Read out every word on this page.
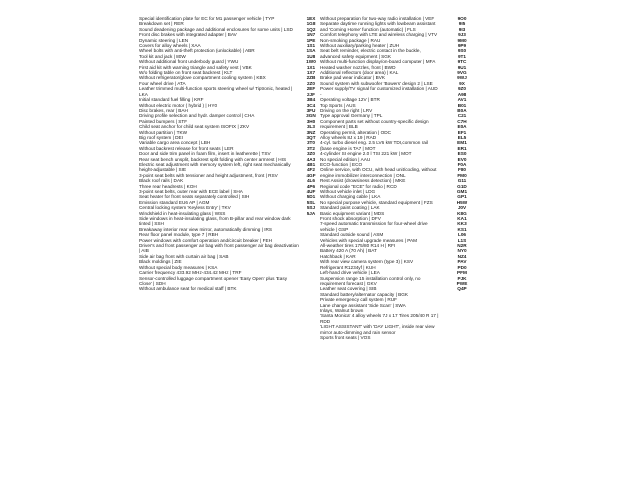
Special identification plate for EC for M1 passenger vehicle | TYP
Breakdown set | RER
Sound deadening package and additional enclosures for some units | LSD
Front disc brakes with integrated adapter | BAV
Dynamic steering | LEN
Covers for alloy wheels | XAA
Wheel bolts with anti-theft protection (unlockable) | ABR
Tool kit and jack | 80W
Without additional front underbody guard | YWU
First aid kit with warning triangle and safety vest | VBK
W/o folding table on front seat backrest | KLT
Without refrigerator/glove compartment cooling system | KBX
Four wheel drive | ATA
Leather trimmed multi-function sports steering wheel w/ Tiptronic, heated | LKA
Initial standard fuel filling | KRF
Without electric motor ( hybrid ) | HY0
Disc brakes, rear | BAH
Driving profile selection and hydr. damper control | CHA
Painted bumpers | STF
Child seat anchor for child seat system ISOFIX | ZKV
Without partition | TKW
Big roof system | DEI
Variable cargo area concept | LBH
Without backrest release for front seats | LER
Door and side trim panel in foam film, insert in leatherette | TSV
Rear seat bench unsplit, backrest split folding with center armrest | HIS
Electric seat adjustment with memory system left, right seat mechanically height-adjustable | SIE
3-point seat belts with tensioner and height adjustment, front | RSV
Black roof rails | DAK
Three rear headrests | KOH
3-point seat belts, outer rear with ECE label | SHA
Seat heater for front seats separately controlled | SIH
Emission standard EU6 AP | AGM
Central locking system 'Keyless Entry' | TKV
Windshield in heat-insulating glass | WSS
Side windows in heat-insulating glass, from B-pillar and rear window dark tinted | SSH
Breakaway interior rear view mirror, automatically dimming | IRS
Rear floor panel module, type 7 | RBH
Power windows with comfort operation and/circuit breaker | FEH
Driver's and front passenger air bag with front passenger air bag deactivation | AIB
Side air bag front with curtain air bag | SAB
Black moldings | ZIE
Without special body measures | KSA
Carrier frequency 433.92 MHz-434.42 MHz | TRF
Sensor-controlled luggage compartment opener 'Easy Open' plus 'Easy Close' | SDH
Without ambulance seat for medical staff | BTK
1EX
1G8
1Q2
1N7
1PE
1S1
1SA
1U8
1W0
1X1
1X7
2ZB
2Z0
2EF
2JF
3B4
3C4
3FU
3GN
3H0
3L3
3NZ
3QT
3T0
3T2
3Z0
4A3
4B1
4F2
4GF
4L6
4P6
4UF
5D1
5SL
5SJ
5JA
Without preparation for two-way radio installation | VEF
Separate daytime running lights with lowbeam assistant and 'Coming Home' function (automatic) | FLS
Comfort telephony with LTE and wireless charging | VTV
Non-smoking package | RAU
Without auxiliary/parking heater | ZUH
Seat belt reminder, electric contact in the buckle, advanced safety equipment | SGK
Without multi-function display/on-board computer | MFA
Heated washer nozzles, front | BWD
Additional reflectors (door area) | KAL
Brake pad wear indicator | BVK
Sound system with subwoofer 'Bowers' design 2 | LSE
Power supply/TV signal for customized installation | AUD
-
Operating voltage 12V | BTR
Top Sports | AUS
Driving on the right | LRV
Type approval Germany | TPL
Component parts set without country-specific design requirement | BLB
Operating permit, alteration | ODC
Alloy wheels 8J x 19 | RAD
4-cyl. turbo diesel eng. 2.5 LV6 kW TDI,common rail (base engine is TA7 | MOT
4-cylinder SI engine 2.0 l TSI 221 kW | MOT
No special edition | AAU
ECO-function | ECO
Online service, with OCU, with head unit/coding, without engine immobilizer interconnection | ONL
Rest Assist (drowsiness detection) | MKE
Regional code "ECE" for radio | RCD
Without vehicle inlet | LDG
Without charging cable | LKA
No special purpose vehicle, standard equipment | FZS
Standard paint coating | LAK
Basic equipment variant | MDS
Front shock absorption | DFV
7-speed automatic transmission for four-wheel drive vehicle | GSP
Standard outside sound | ASM
Vehicles with special upgrade measures | PAM
All-weather tires 175/80 R14 H | RFI
Battery 420 A (70 Ah) | BAT
Hatchback | KAR
With rear view camera system (type 3) | KSV
Refrigerant R1234yf | KUH
Left-hand drive vehicle | LEA
Suspension range 15 installation control only, no requirement forecast | GKV
Leather seat covering | SIB
Standard battery/alternator capacity | BGK
Private emergency call system | RUF
Lane change assistant 'Side Scan' | SWA
Inlays, Walnut brown
'Santa Monica' 4 alloy wheels 7J x 17 Tires 205/40 R 17 | RDD
'LIGHT ASSISTANT' with 'DAY LIGHT', inside rear view mirror auto-dimming and rain sensor
Sports front seats | VOS
9O0
9I5
9I3
9J3
9M0
9P9
9S0
9T1
9TC
9U1
9VG
9WJ
9X
9Z0
A98
AV1
B01
B0A
C21
C7H
E0A
EF1
EL5
EM1
ER1
ES0
EV0
F0A
F80
FM0
G11
G1D
GM1
GP1
H5W
J0V
K8G
KA1
KK3
KS1
L06
L1S
N2R
NY0
NZ4
PAV
PD0
PFM
PJK
PWE
Q4P
